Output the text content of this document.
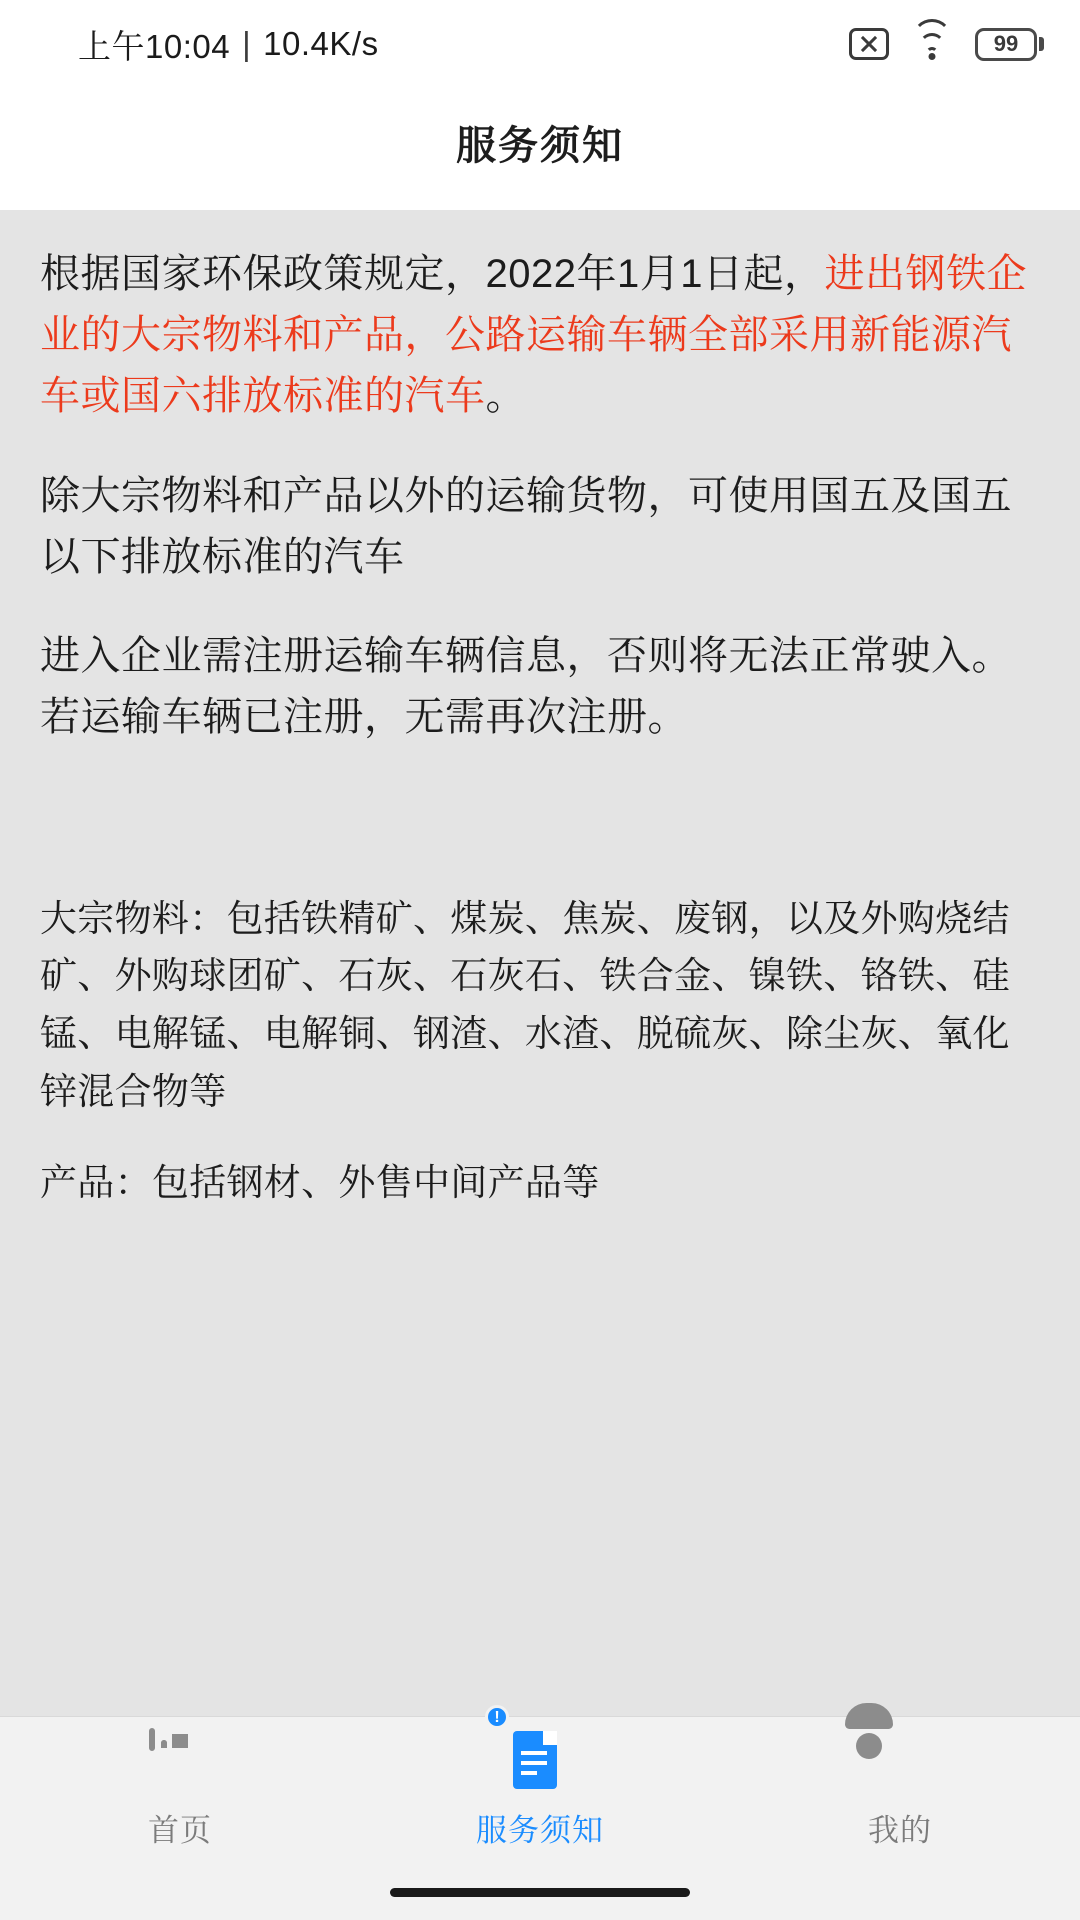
上午10:04 | 10.4K/s	99
服务须知
根据国家环保政策规定，2022年1月1日起，进出钢铁企业的大宗物料和产品，公路运输车辆全部采用新能源汽车或国六排放标准的汽车。
除大宗物料和产品以外的运输货物，可使用国五及国五以下排放标准的汽车
进入企业需注册运输车辆信息，否则将无法正常驶入。若运输车辆已注册，无需再次注册。
大宗物料：包括铁精矿、煤炭、焦炭、废钢，以及外购烧结矿、外购球团矿、石灰、石灰石、铁合金、镍铁、铬铁、硅锰、电解锰、电解铜、钢渣、水渣、脱硫灰、除尘灰、氧化锌混合物等
产品：包括钢材、外售中间产品等
首页
!
服务须知	我的
